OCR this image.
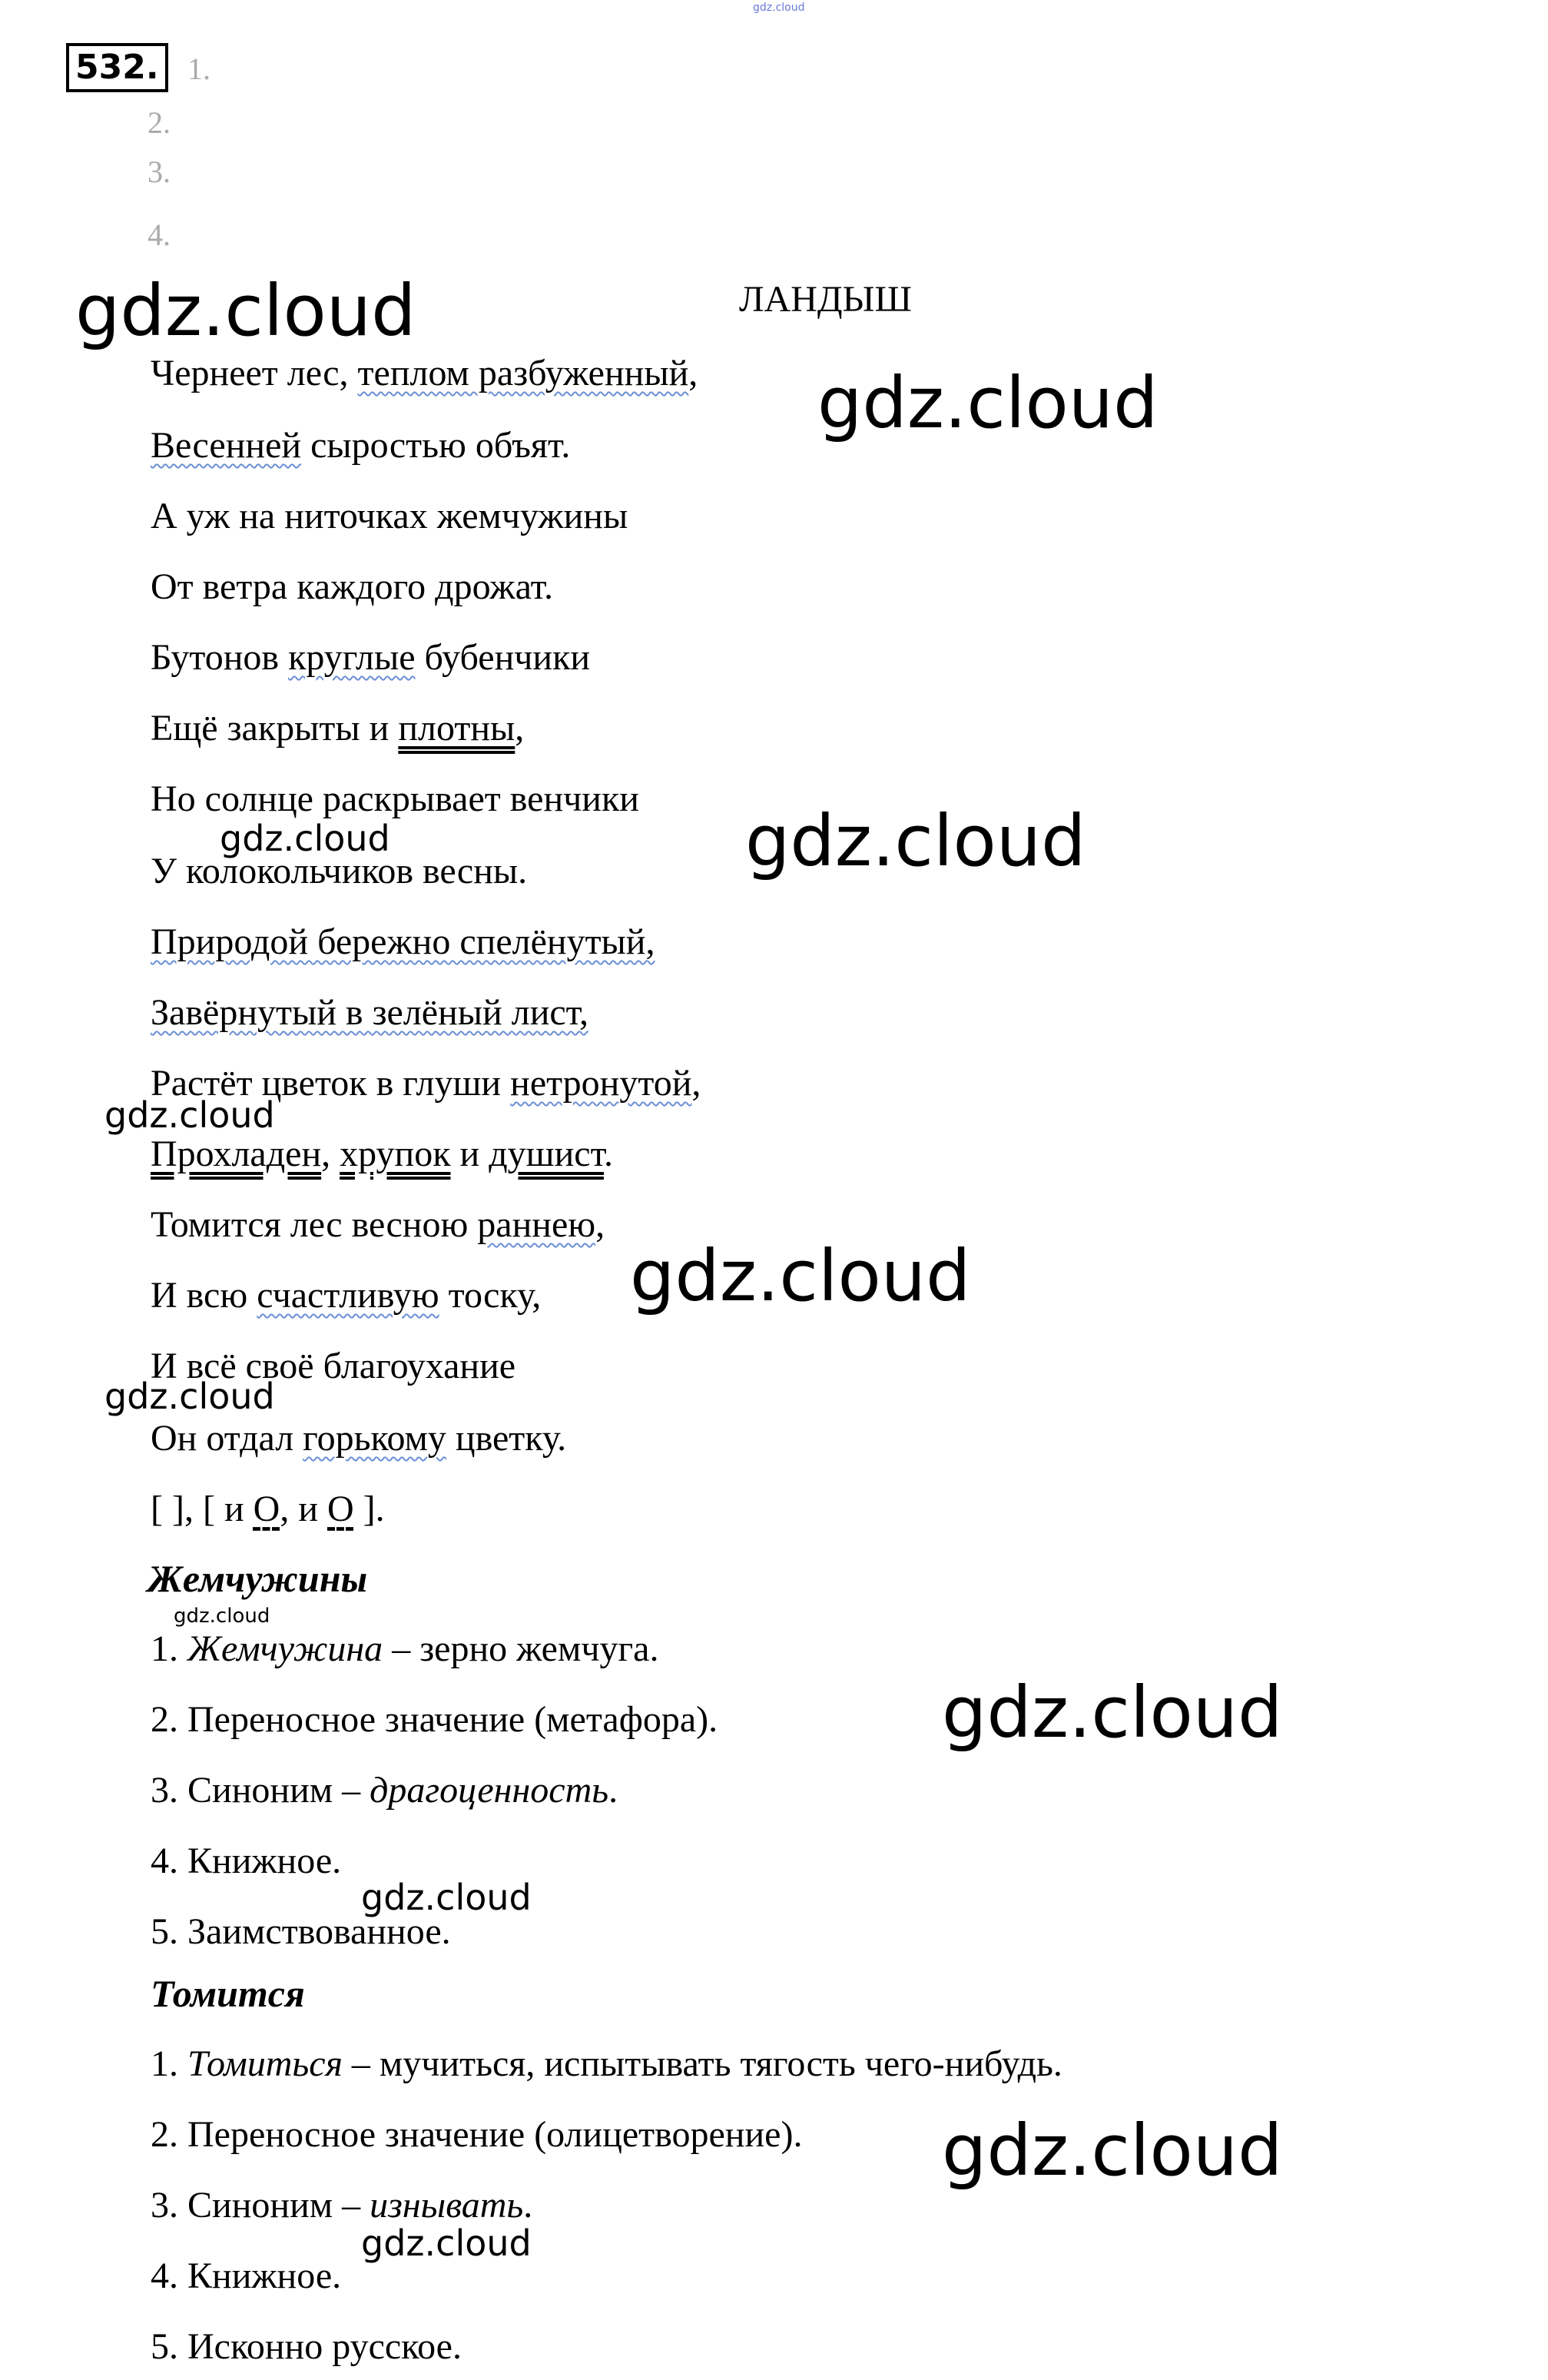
gdz.cloud
532. 1.
2.
3.
4.
ЛАНДЫШ
Чернеет лес, теплом разбуженный,
Весенней сыростью объят.
А уж на ниточках жемчужины
От ветра каждого дрожат.
Бутонов круглые бубенчики
Ещё закрыты и плотны,
Но солнце раскрывает венчики
У колокольчиков весны.
Природой бережно спелёнутый,
Завёрнутый в зелёный лист,
Растёт цветок в глуши нетронутой,
Прохладен, хрупок и душист.
Томится лес весною раннею,
И всю счастливую тоску,
И всё своё благоухание
Он отдал горькому цветку.
[ ], [ и О, и О ].
Жемчужины
1. Жемчужина – зерно жемчуга.
2. Переносное значение (метафора).
3. Синоним – драгоценность.
4. Книжное.
5. Заимствованное.
Томится
1. Томиться – мучиться, испытывать тягость чего-нибудь.
2. Переносное значение (олицетворение).
3. Синоним – изнывать.
4. Книжное.
5. Исконно русское.
gdz.cloud
gdz.cloud
gdz.cloud	gdz.cloud
gdz.cloud
gdz.cloud
gdz.cloud
gdz.cloud
gdz.cloud
gdz.cloud
gdz.cloud
gdz.cloud
